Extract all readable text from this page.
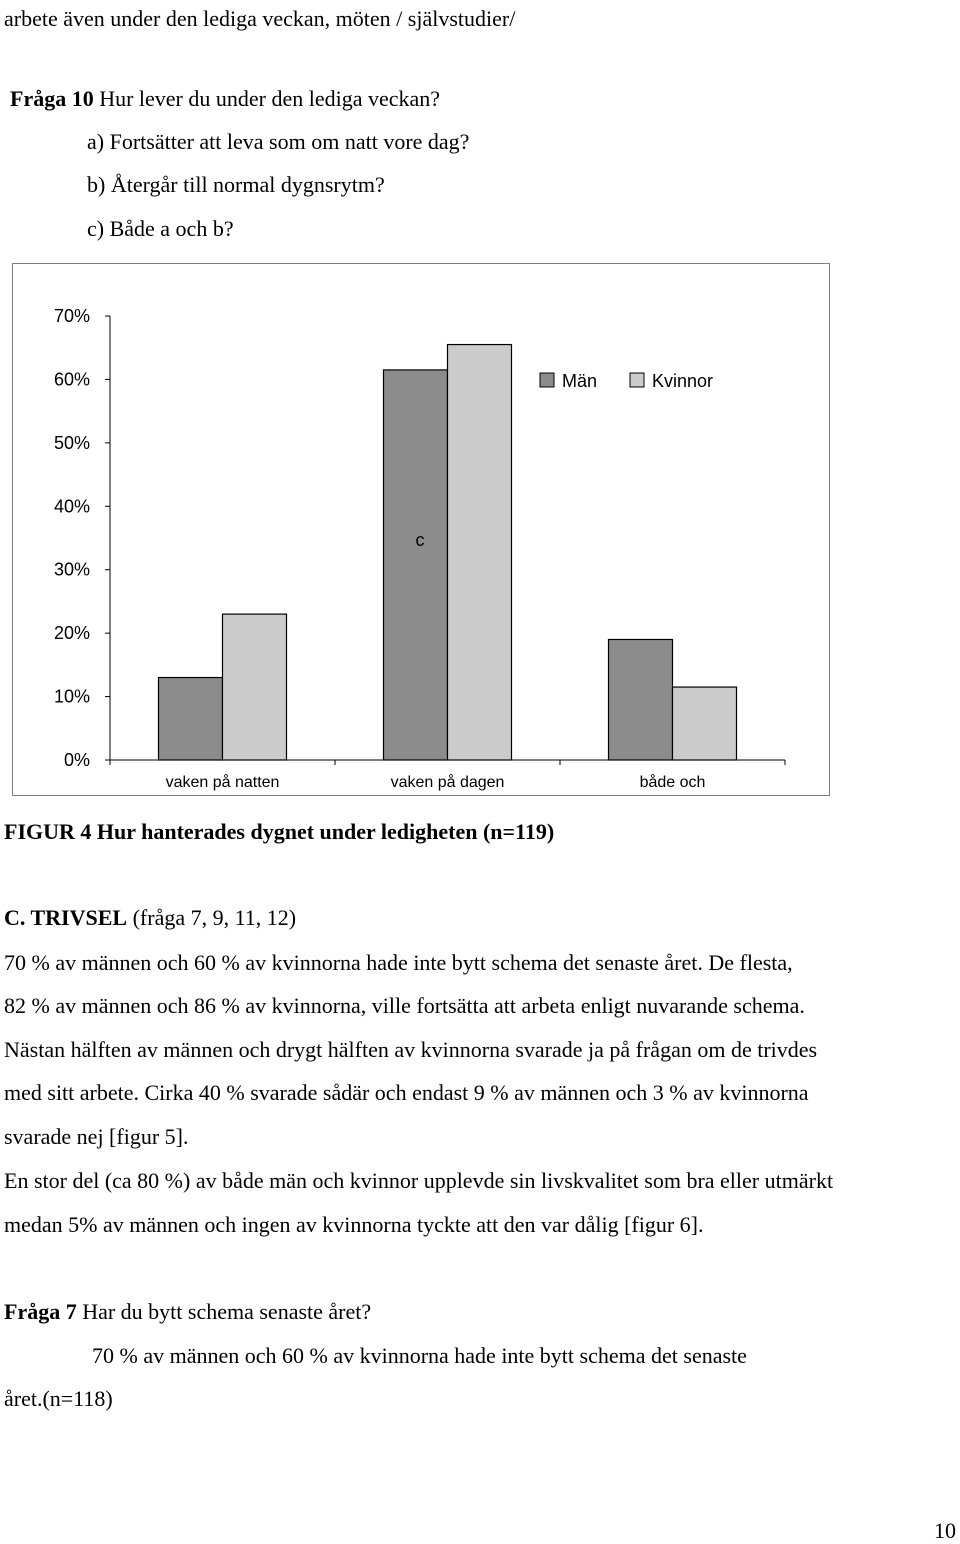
arbete även under den lediga veckan, möten / självstudier/
Fråga 10 Hur lever du under den lediga veckan?
a) Fortsätter att leva som om natt vore dag?
b) Återgår till normal dygnsrytm?
c) Både a och b?
0%
10%
20%
30%
40%
50%
60%
70%
vaken på natten	vaken på dagen	både och
Män	Kvinnor
c
FIGUR 4 Hur hanterades dygnet under ledigheten (n=119)
C. TRIVSEL (fråga 7, 9, 11, 12)
70 % av männen och 60 % av kvinnorna hade inte bytt schema det senaste året. De flesta,
82 % av männen och 86 % av kvinnorna, ville fortsätta att arbeta enligt nuvarande schema.
Nästan hälften av männen och drygt hälften av kvinnorna svarade ja på frågan om de trivdes
med sitt arbete. Cirka 40 % svarade sådär och endast 9 % av männen och 3 % av kvinnorna
svarade nej [figur 5].
En stor del (ca 80 %) av både män och kvinnor upplevde sin livskvalitet som bra eller utmärkt
medan 5% av männen och ingen av kvinnorna tyckte att den var dålig [figur 6].
Fråga 7 Har du bytt schema senaste året?
70 % av männen och 60 % av kvinnorna hade inte bytt schema det senaste
året.(n=118)
10
